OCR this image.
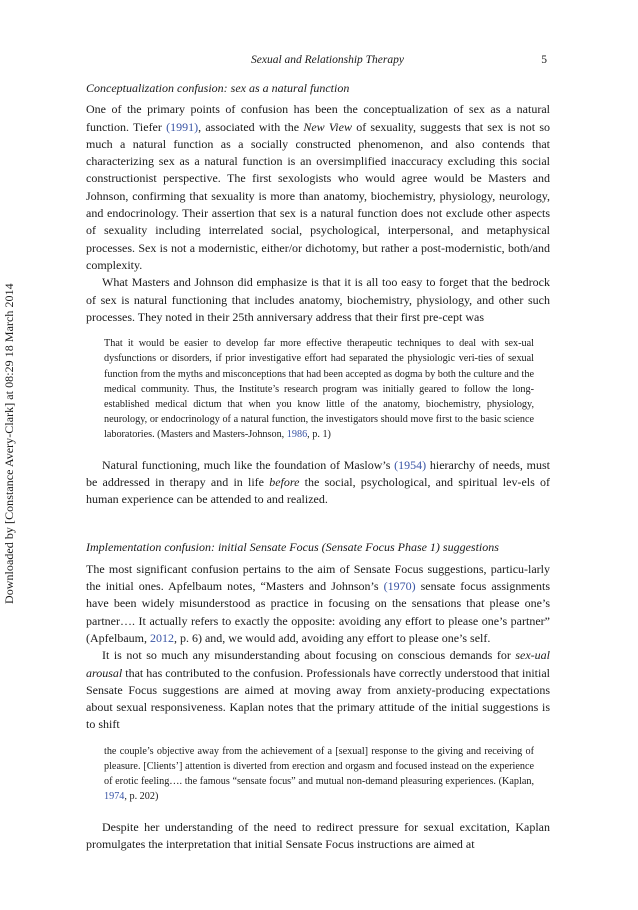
Sexual and Relationship Therapy	5
Downloaded by [Constance Avery-Clark] at 08:29 18 March 2014
Conceptualization confusion: sex as a natural function

One of the primary points of confusion has been the conceptualization of sex as a natural function. Tiefer (1991), associated with the New View of sexuality, suggests that sex is not so much a natural function as a socially constructed phenomenon, and also contends that characterizing sex as a natural function is an oversimplified inaccuracy excluding this social constructionist perspective. The first sexologists who would agree would be Masters and Johnson, confirming that sexuality is more than anatomy, biochemistry, physiology, neurology, and endocrinology. Their assertion that sex is a natural function does not exclude other aspects of sexuality including interrelated social, psychological, interpersonal, and metaphysical processes. Sex is not a modernistic, either/or dichotomy, but rather a post-modernistic, both/and complexity.

What Masters and Johnson did emphasize is that it is all too easy to forget that the bedrock of sex is natural functioning that includes anatomy, biochemistry, physiology, and other such processes. They noted in their 25th anniversary address that their first pre-cept was

That it would be easier to develop far more effective therapeutic techniques to deal with sex-ual dysfunctions or disorders, if prior investigative effort had separated the physiologic veri-ties of sexual function from the myths and misconceptions that had been accepted as dogma by both the culture and the medical community. Thus, the Institute’s research program was initially geared to follow the long-established medical dictum that when you know little of the anatomy, biochemistry, physiology, neurology, or endocrinology of a natural function, the investigators should move first to the basic science laboratories. (Masters and Masters-Johnson, 1986, p. 1)

Natural functioning, much like the foundation of Maslow’s (1954) hierarchy of needs, must be addressed in therapy and in life before the social, psychological, and spiritual lev-els of human experience can be attended to and realized.

Implementation confusion: initial Sensate Focus (Sensate Focus Phase 1) suggestions

The most significant confusion pertains to the aim of Sensate Focus suggestions, particu-larly the initial ones. Apfelbaum notes, “Masters and Johnson’s (1970) sensate focus assignments have been widely misunderstood as practice in focusing on the sensations that please one’s partner…. It actually refers to exactly the opposite: avoiding any effort to please one’s partner” (Apfelbaum, 2012, p. 6) and, we would add, avoiding any effort to please one’s self.

It is not so much any misunderstanding about focusing on conscious demands for sex-ual arousal that has contributed to the confusion. Professionals have correctly understood that initial Sensate Focus suggestions are aimed at moving away from anxiety-producing expectations about sexual responsiveness. Kaplan notes that the primary attitude of the initial suggestions is to shift

the couple’s objective away from the achievement of a [sexual] response to the giving and receiving of pleasure. [Clients’] attention is diverted from erection and orgasm and focused instead on the experience of erotic feeling…. the famous “sensate focus” and mutual non-demand pleasuring experiences. (Kaplan, 1974, p. 202)

Despite her understanding of the need to redirect pressure for sexual excitation, Kaplan promulgates the interpretation that initial Sensate Focus instructions are aimed at
